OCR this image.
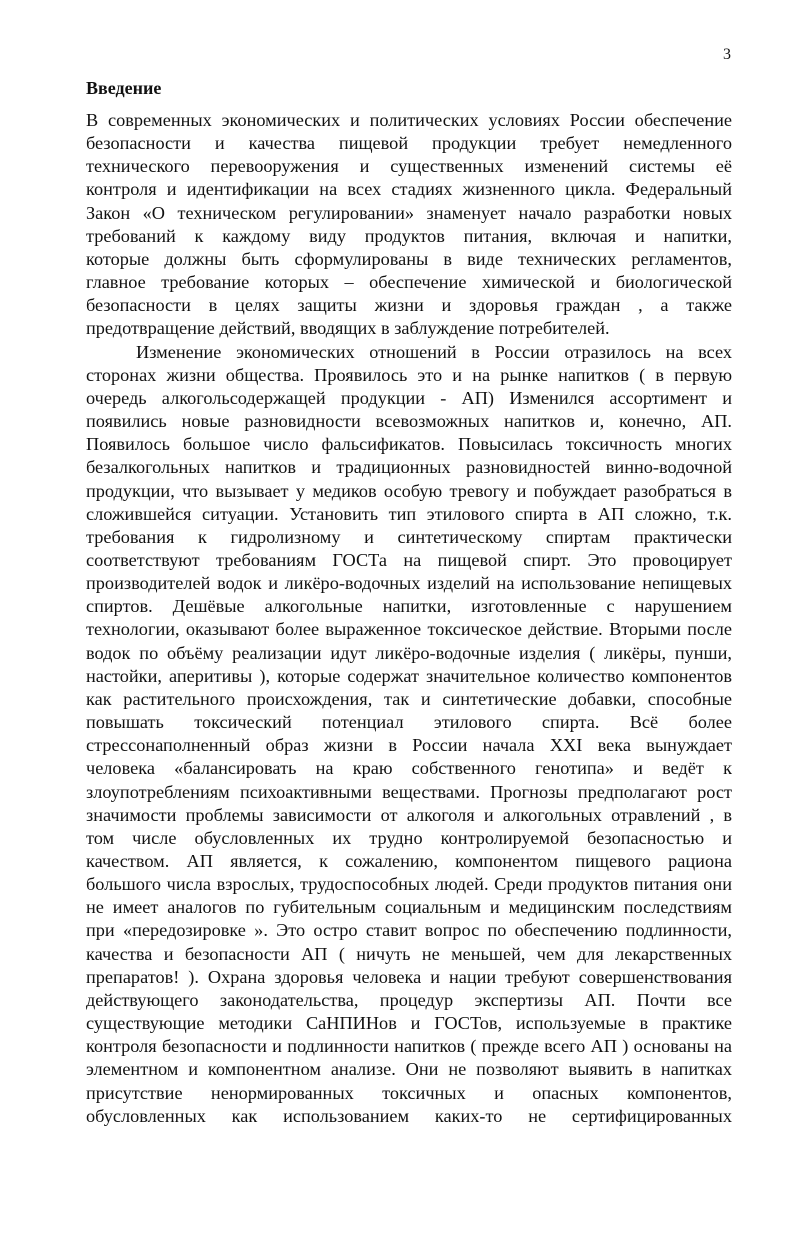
3
Введение
В современных экономических и политических условиях России обеспечение
безопасности и качества пищевой продукции требует немедленного
технического перевооружения и существенных изменений системы её
контроля и идентификации на всех стадиях жизненного цикла. Федеральный
Закон «О техническом регулировании» знаменует начало разработки новых
требований к каждому виду продуктов питания, включая и напитки,
которые должны быть сформулированы в виде технических регламентов,
главное требование которых – обеспечение химической и биологической
безопасности в целях защиты жизни и здоровья граждан , а также
предотвращение действий, вводящих в заблуждение потребителей.
Изменение экономических отношений в России отразилось на всех
сторонах жизни общества. Проявилось это и на рынке напитков ( в первую
очередь алкогольсодержащей продукции - АП) Изменился ассортимент и
появились новые разновидности всевозможных напитков и, конечно, АП.
Появилось большое число фальсификатов. Повысилась токсичность многих
безалкогольных напитков и традиционных разновидностей винно-водочной
продукции, что вызывает у медиков особую тревогу и побуждает разобраться в
сложившейся ситуации. Установить тип этилового спирта в АП сложно, т.к.
требования к гидролизному и синтетическому спиртам практически
соответствуют требованиям ГОСТа на пищевой спирт. Это провоцирует
производителей водок и ликёро-водочных изделий на использование непищевых
спиртов. Дешёвые алкогольные напитки, изготовленные с нарушением
технологии, оказывают более выраженное токсическое действие. Вторыми после
водок по объёму реализации идут ликёро-водочные изделия ( ликёры, пунши,
настойки, аперитивы ), которые содержат значительное количество компонентов
как растительного происхождения, так и синтетические добавки, способные
повышать токсический потенциал этилового спирта. Всё более
стрессонаполненный образ жизни в России начала XXI века вынуждает
человека «балансировать на краю собственного генотипа» и ведёт к
злоупотреблениям психоактивными веществами. Прогнозы предполагают рост
значимости проблемы зависимости от алкоголя и алкогольных отравлений , в
том числе обусловленных их трудно контролируемой безопасностью и
качеством. АП является, к сожалению, компонентом пищевого рациона
большого числа взрослых, трудоспособных людей. Среди продуктов питания они
не имеет аналогов по губительным социальным и медицинским последствиям
при «передозировке ». Это остро ставит вопрос по обеспечению подлинности,
качества и безопасности АП ( ничуть не меньшей, чем для лекарственных
препаратов! ). Охрана здоровья человека и нации требуют совершенствования
действующего законодательства, процедур экспертизы АП. Почти все
существующие методики СаНПИНов и ГОСТов, используемые в практике
контроля безопасности и подлинности напитков ( прежде всего АП ) основаны на
элементном и компонентном анализе. Они не позволяют выявить в напитках
присутствие ненормированных токсичных и опасных компонентов,
обусловленных как использованием каких-то не сертифицированных
